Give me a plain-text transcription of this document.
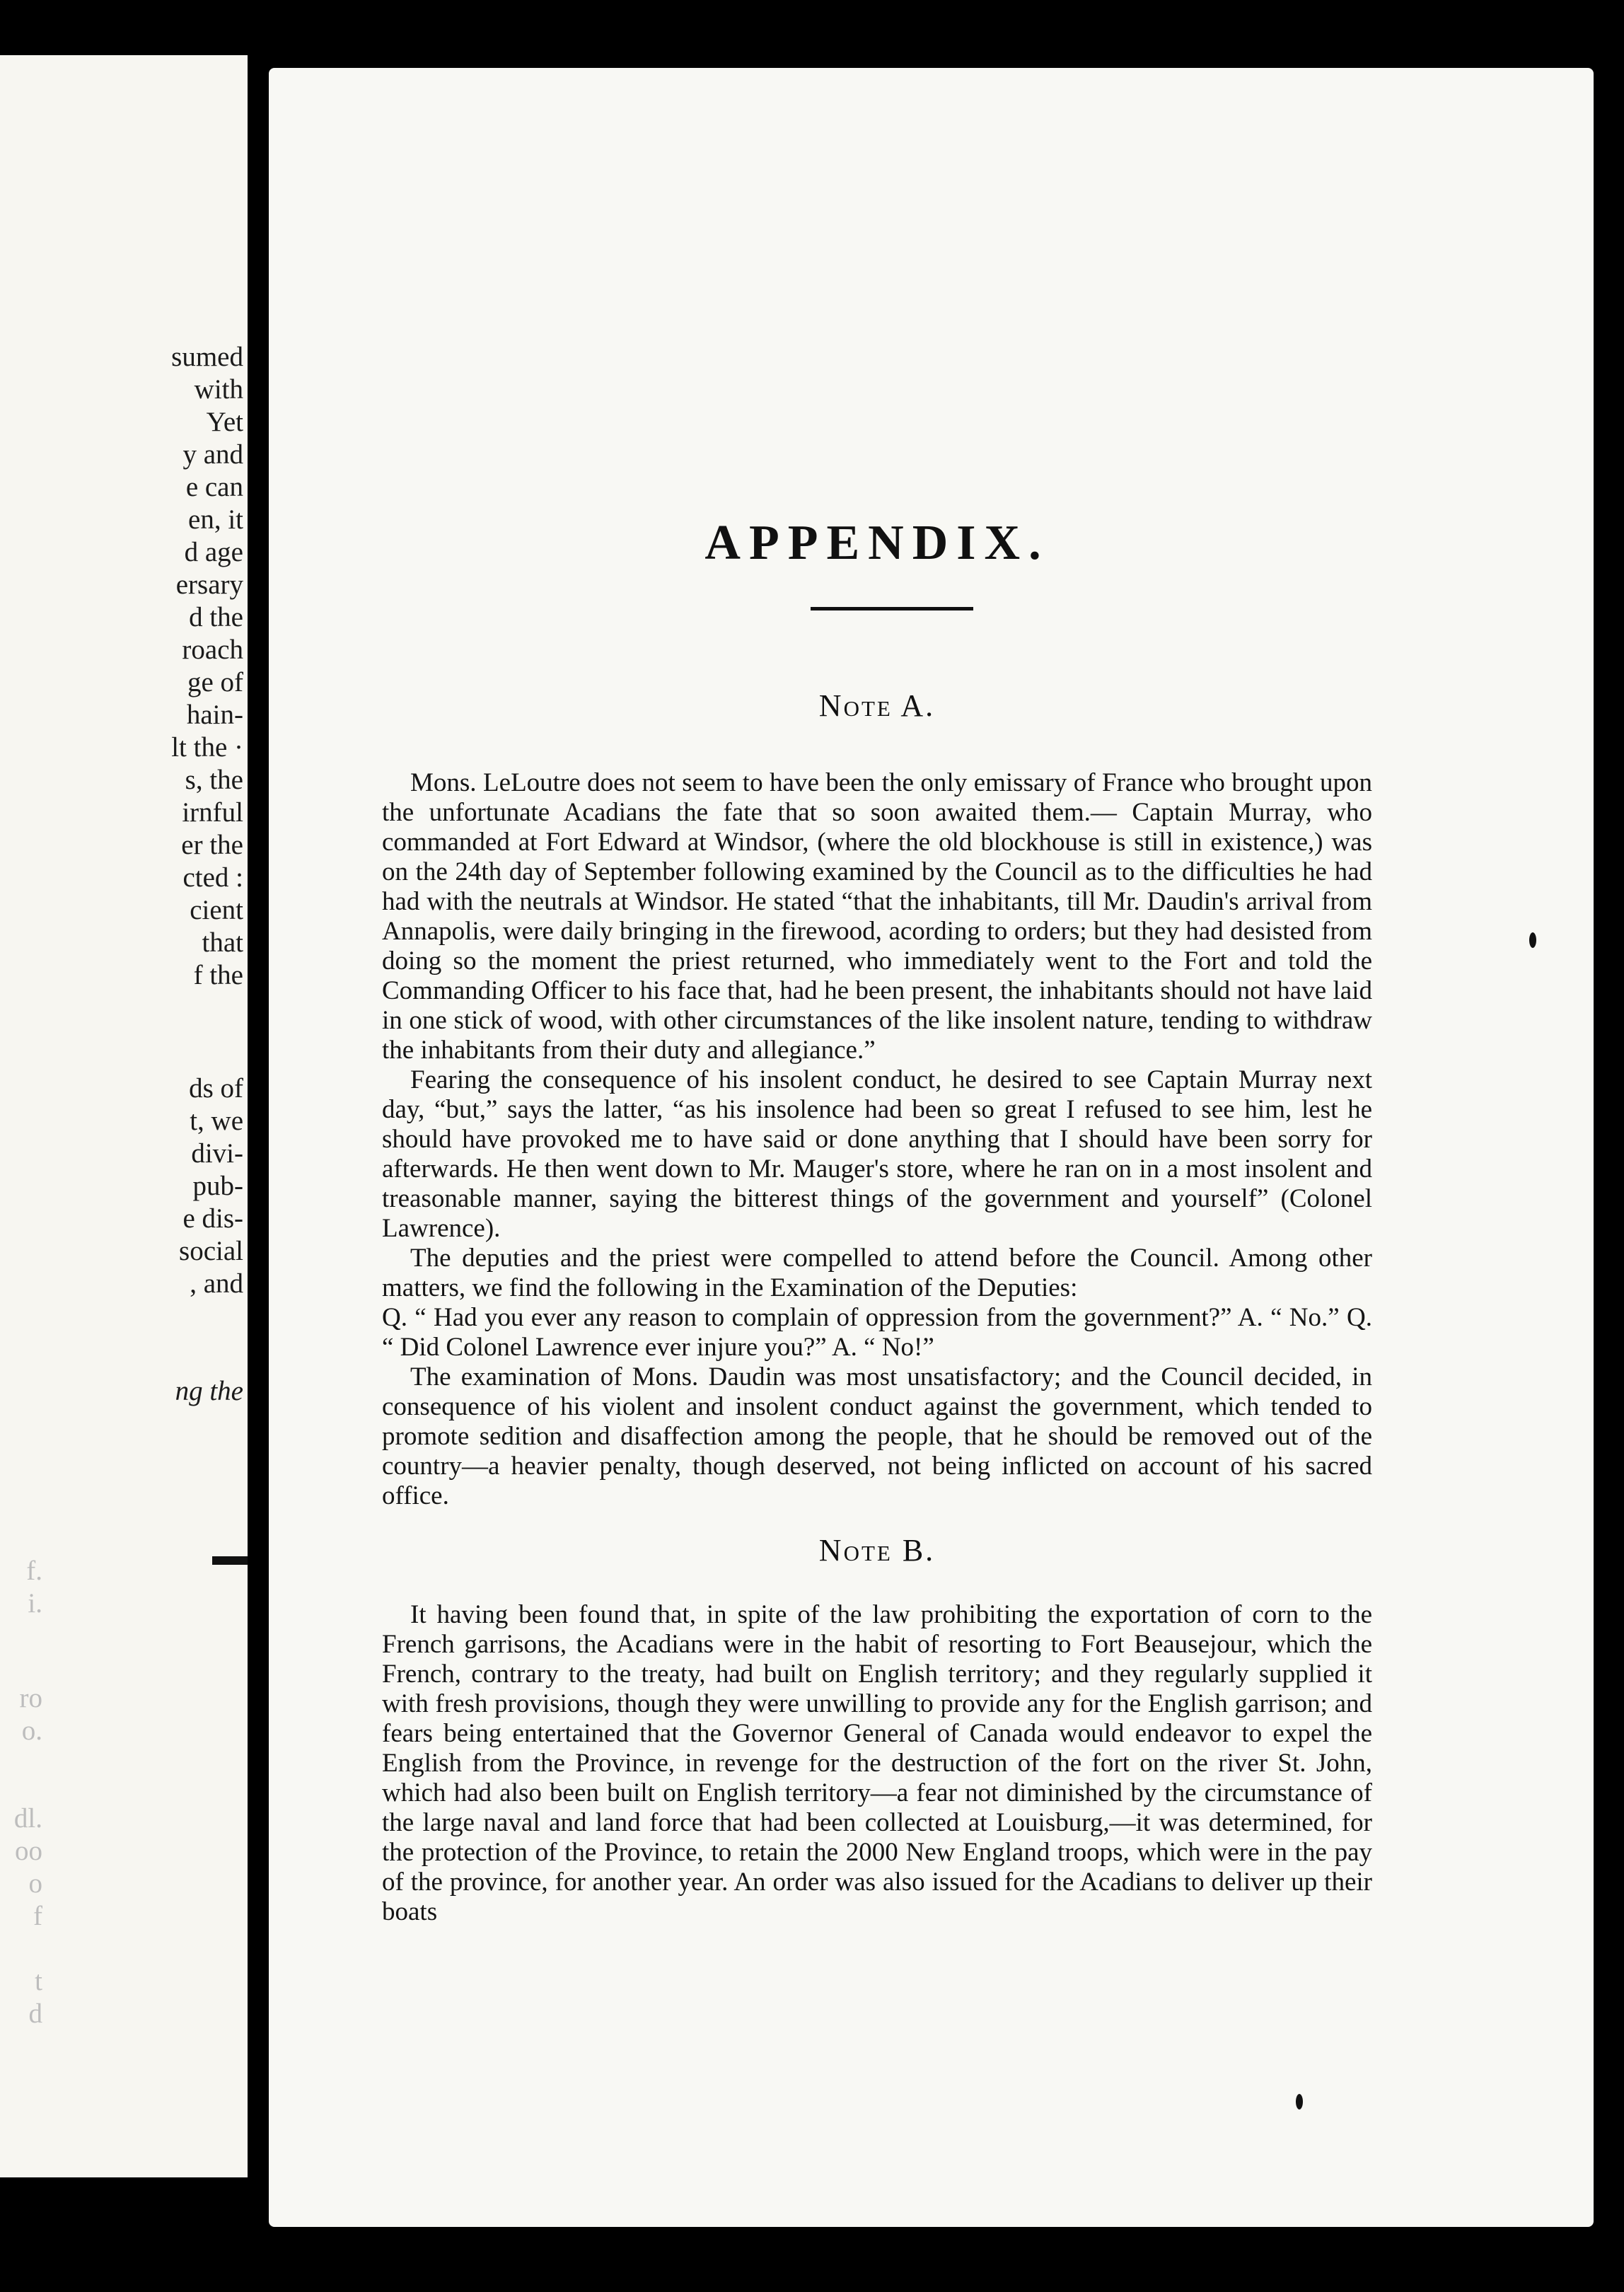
sumed
with
Yet
y and
e can
en, it
d age
ersary
d the
roach
ge of
hain-
lt the ·
s, the
irnful
er the
cted :
cient
that
f the
ds of
t, we
divi-
pub-
e dis-
social
, and
ng the
f.
i.
ro
o.
dl.
oo
o
f
t
d
APPENDIX.
Note A.

Mons. LeLoutre does not seem to have been the only emissary of France who brought upon the unfortunate Acadians the fate that so soon awaited them.— Captain Murray, who commanded at Fort Edward at Windsor, (where the old blockhouse is still in existence,) was on the 24th day of September following examined by the Council as to the difficulties he had had with the neutrals at Windsor. He stated “that the inhabitants, till Mr. Daudin's arrival from Annapolis, were daily bringing in the firewood, acording to orders; but they had desisted from doing so the moment the priest returned, who immediately went to the Fort and told the Commanding Officer to his face that, had he been present, the inhabitants should not have laid in one stick of wood, with other circumstances of the like insolent nature, tending to withdraw the inhabitants from their duty and allegiance.”

Fearing the consequence of his insolent conduct, he desired to see Captain Murray next day, “but,” says the latter, “as his insolence had been so great I refused to see him, lest he should have provoked me to have said or done anything that I should have been sorry for afterwards. He then went down to Mr. Mauger's store, where he ran on in a most insolent and treasonable manner, saying the bitterest things of the government and yourself” (Colonel Lawrence).

The deputies and the priest were compelled to attend before the Council. Among other matters, we find the following in the Examination of the Deputies:

Q. “ Had you ever any reason to complain of oppression from the government?” A. “ No.” Q. “ Did Colonel Lawrence ever injure you?” A. “ No!”

The examination of Mons. Daudin was most unsatisfactory; and the Council decided, in consequence of his violent and insolent conduct against the government, which tended to promote sedition and disaffection among the people, that he should be removed out of the country—a heavier penalty, though deserved, not being inflicted on account of his sacred office.

Note B.

It having been found that, in spite of the law prohibiting the exportation of corn to the French garrisons, the Acadians were in the habit of resorting to Fort Beausejour, which the French, contrary to the treaty, had built on English territory; and they regularly supplied it with fresh provisions, though they were unwilling to provide any for the English garrison; and fears being entertained that the Governor General of Canada would endeavor to expel the English from the Province, in revenge for the destruction of the fort on the river St. John, which had also been built on English territory—a fear not diminished by the circumstance of the large naval and land force that had been collected at Louisburg,—it was determined, for the protection of the Province, to retain the 2000 New England troops, which were in the pay of the province, for another year. An order was also issued for the Acadians to deliver up their boats
